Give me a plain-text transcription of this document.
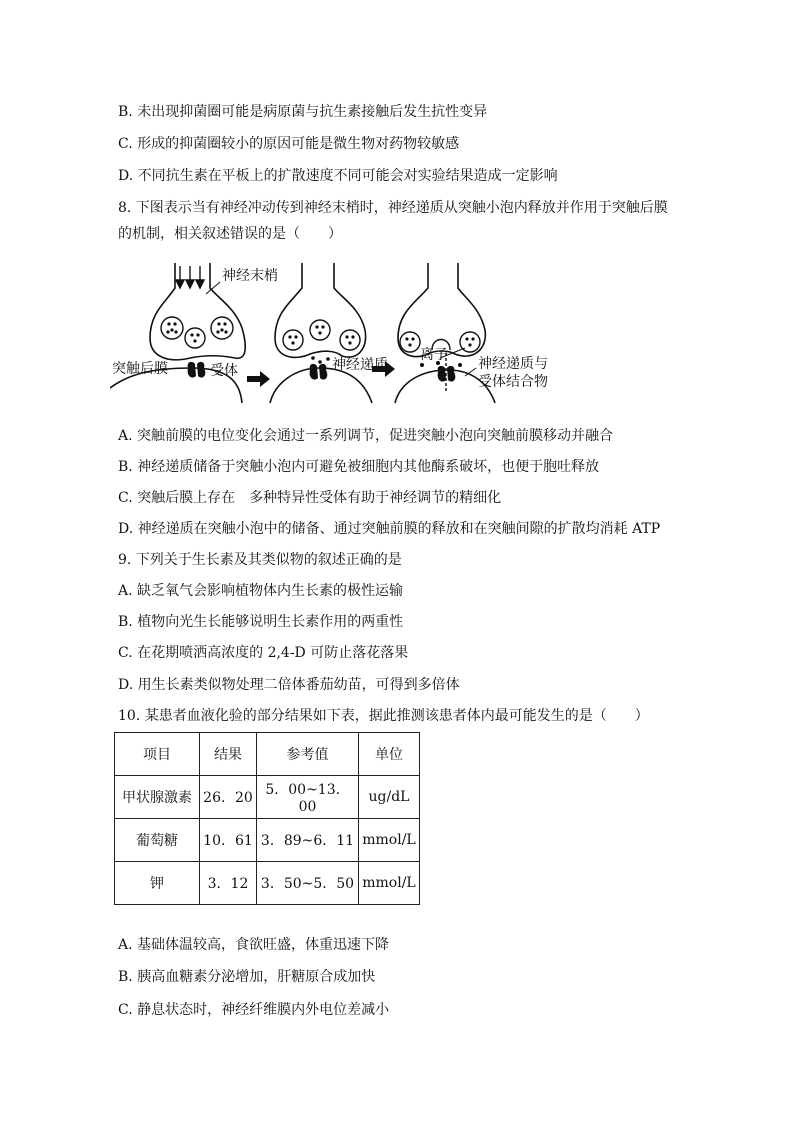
B. 未出现抑菌圈可能是病原菌与抗生素接触后发生抗性变异
C. 形成的抑菌圈较小的原因可能是微生物对药物较敏感
D. 不同抗生素在平板上的扩散速度不同可能会对实验结果造成一定影响
8. 下图表示当有神经冲动传到神经末梢时，神经递质从突触小泡内释放并作用于突触后膜
的机制，相关叙述错误的是（　　）
神经末梢
突触后膜	受体	神经递质
离子
神经递质与
受体结合物
A. 突触前膜的电位变化会通过一系列调节，促进突触小泡向突触前膜移动并融合
B. 神经递质储备于突触小泡内可避免被细胞内其他酶系破坏，也便于胞吐释放
C. 突触后膜上存在　多种特异性受体有助于神经调节的精细化
D. 神经递质在突触小泡中的储备、通过突触前膜的释放和在突触间隙的扩散均消耗 ATP
9. 下列关于生长素及其类似物的叙述正确的是
A. 缺乏氧气会影响植物体内生长素的极性运输
B. 植物向光生长能够说明生长素作用的两重性
C. 在花期喷洒高浓度的 2,4-D 可防止落花落果
D. 用生长素类似物处理二倍体番茄幼苗，可得到多倍体
10. 某患者血液化验的部分结果如下表，据此推测该患者体内最可能发生的是（　　）
项目	结果	参考值	单位
甲状腺激素	26．20	5．00~13．00	ug/dL
葡萄糖	10．61	3．89~6．11	mmol/L
钾	3．12	3．50~5．50	mmol/L
A. 基础体温较高，食欲旺盛，体重迅速下降
B. 胰高血糖素分泌增加，肝糖原合成加快
C. 静息状态时，神经纤维膜内外电位差减小
